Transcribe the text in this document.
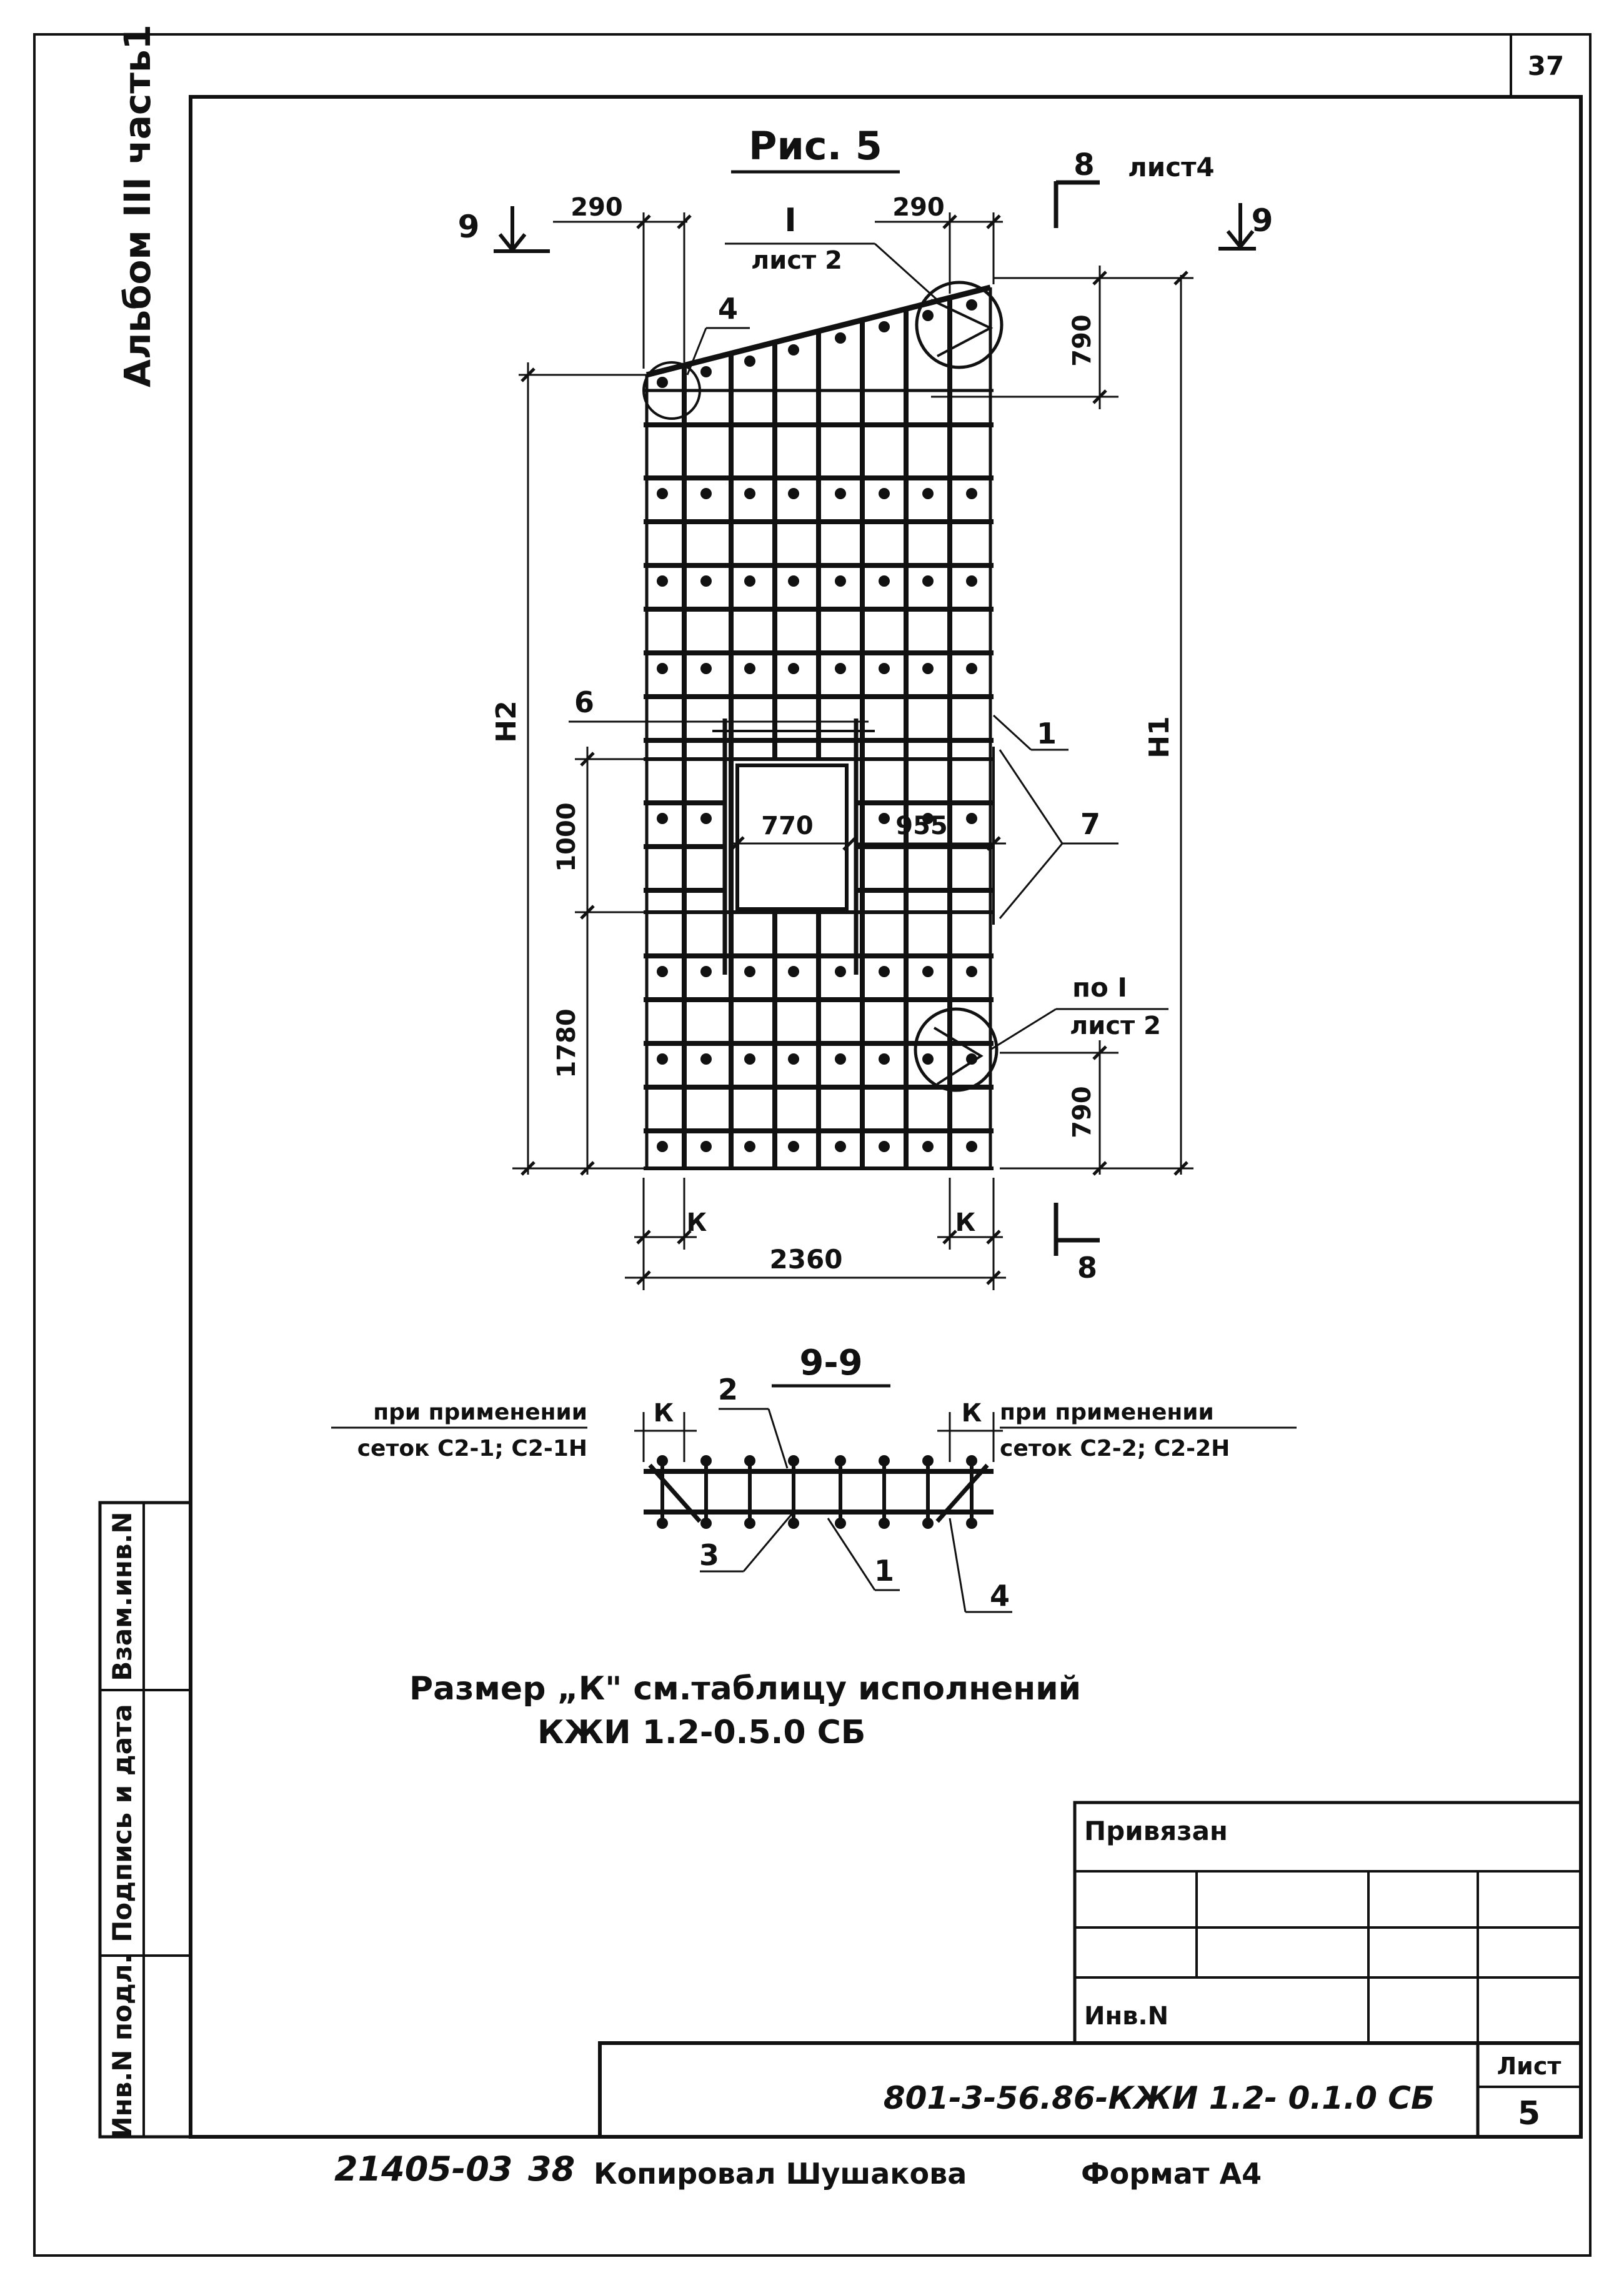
37
Альбом III часть1	Рис. 5
9	9
8 лист4
8
290	290
I
лист 2
4
790
Н1
Н2 6
1
1000	770	955	7
по I
лист 2
1780
790
К	К
2360
9-9
К	К
при применении
сеток С2-1; С2-1Н
при применении
сеток С2-2; С2-2Н
2
3	1
4
Размер „К" см.таблицу исполнений
КЖИ 1.2-0.5.0 СБ
Привязан
Инв.N
801-3-56.86-КЖИ 1.2- 0.1.0 СБ
Лист
5
Инв.N подл.
Подпись и дата
Взам.инв.N
21405-03 38 Копировал Шушакова	Формат А4
